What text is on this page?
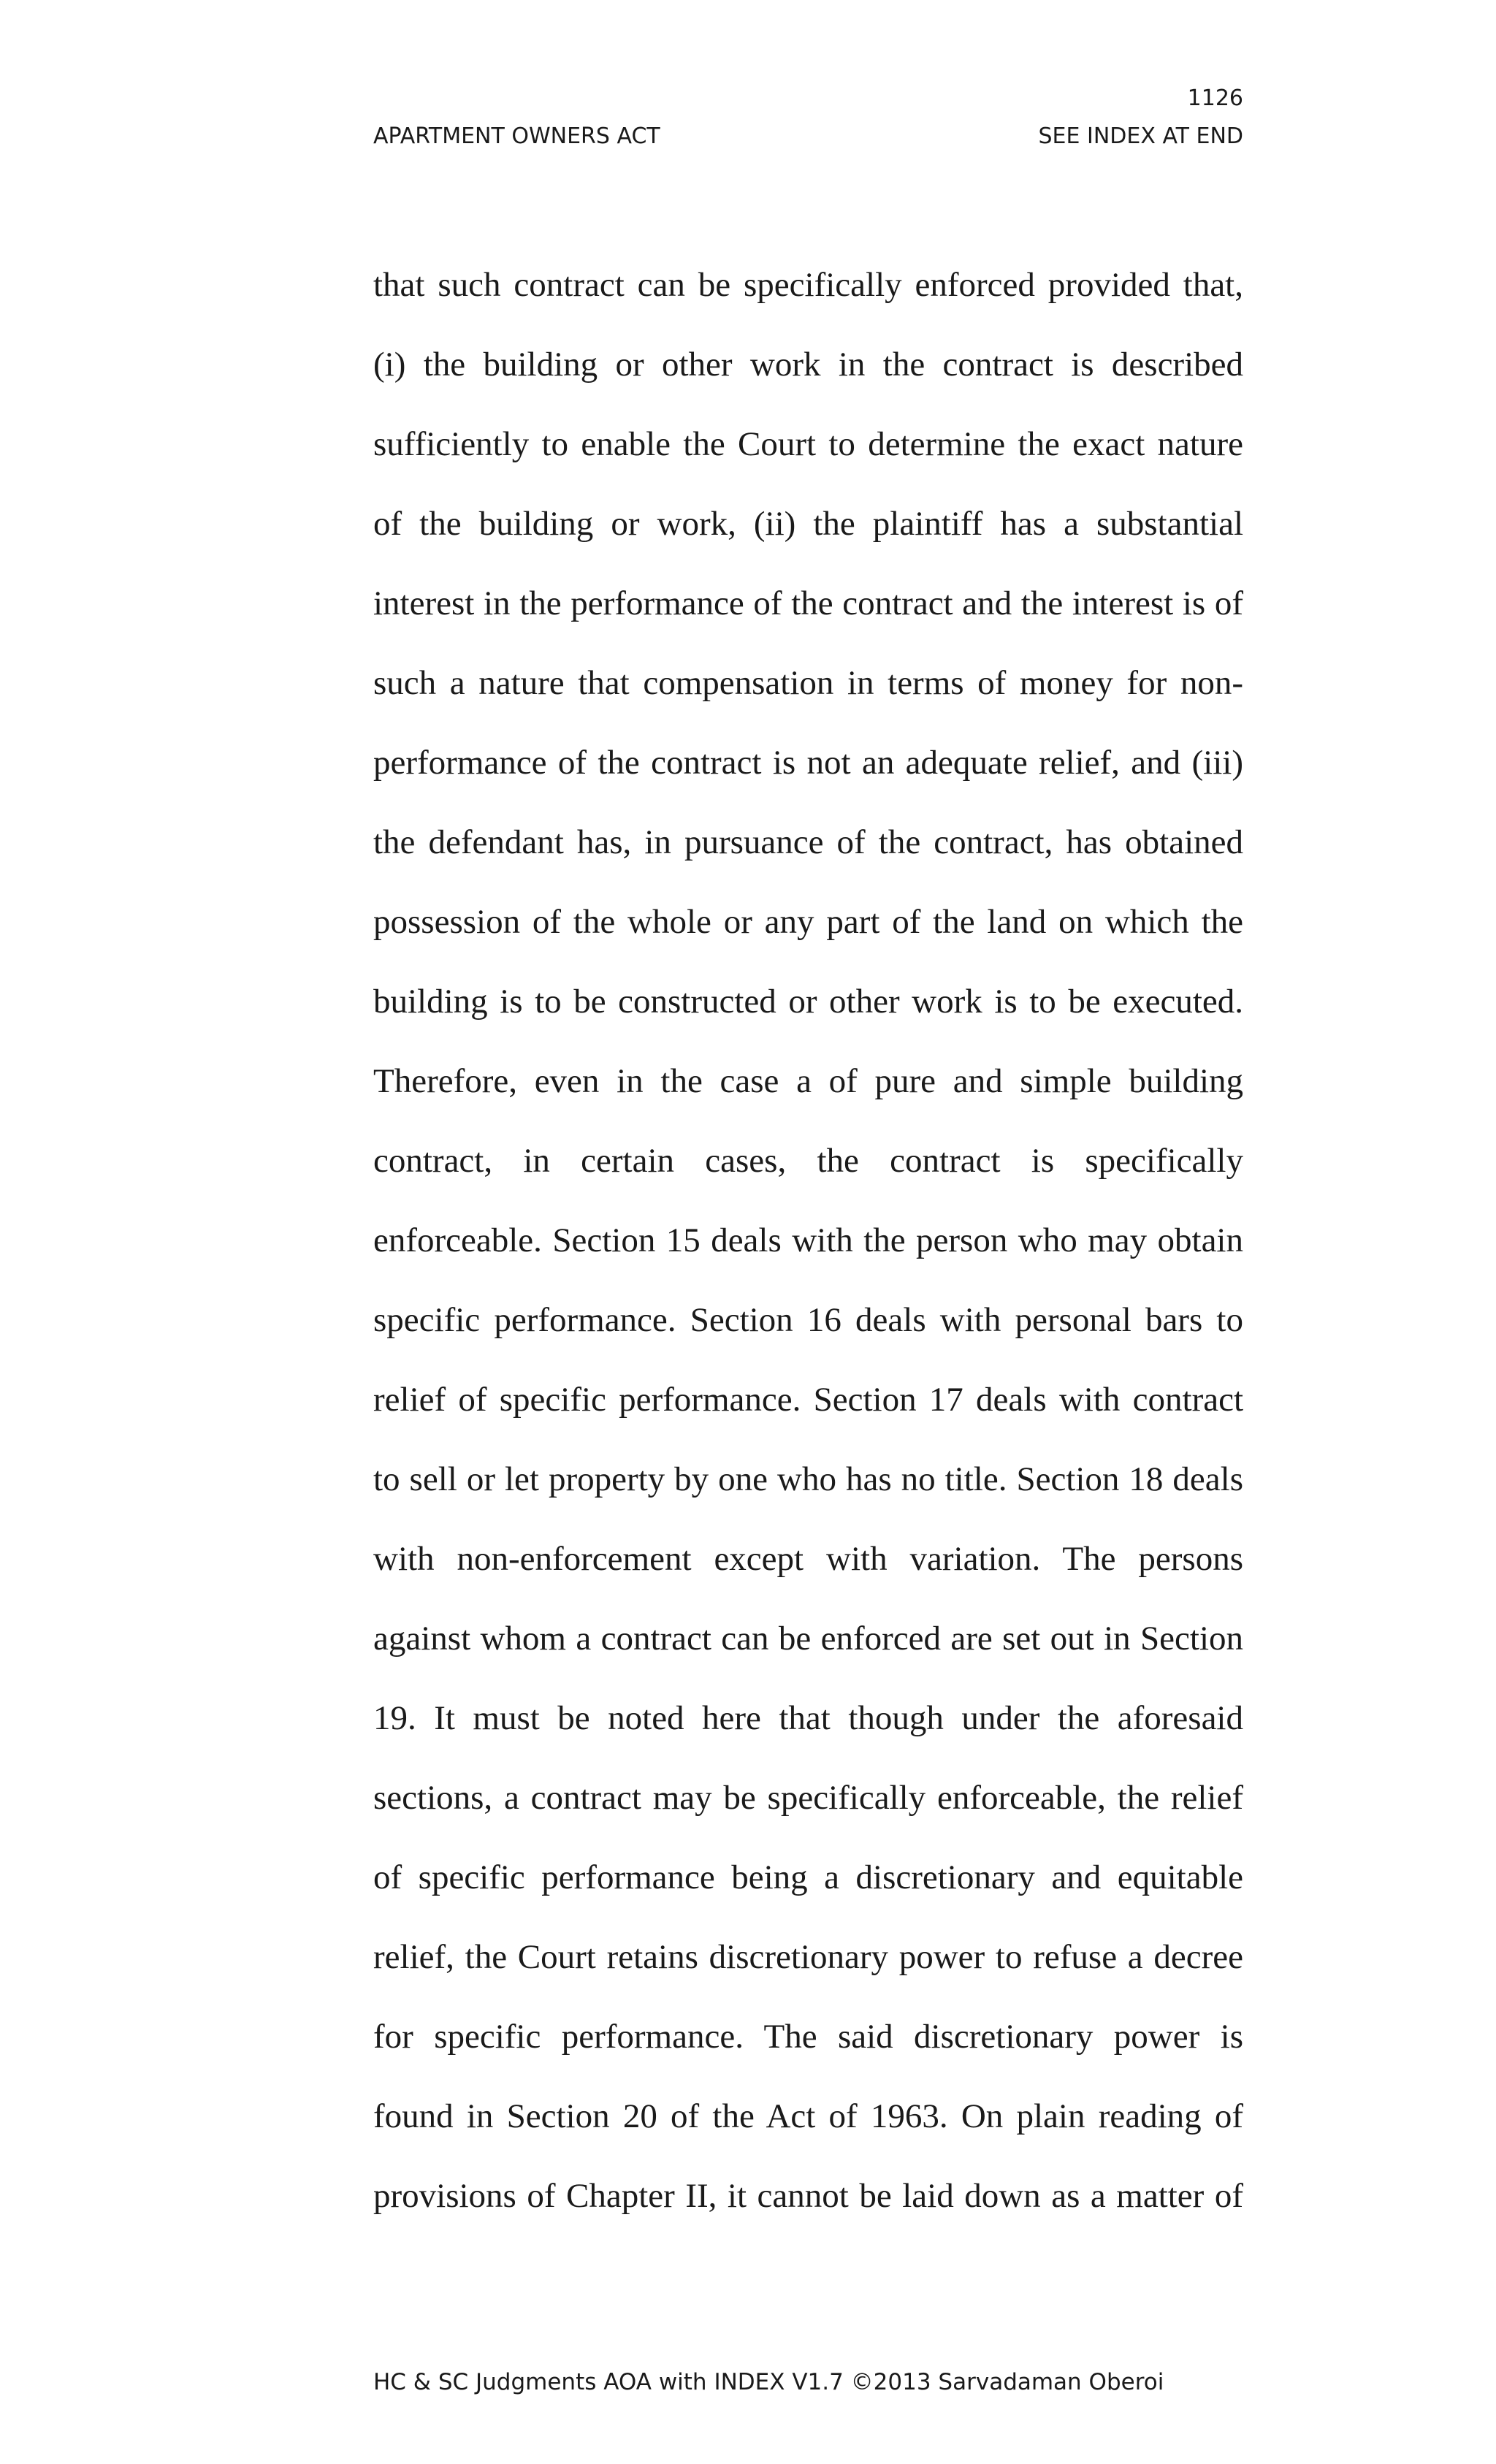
1126
APARTMENT OWNERS ACT	SEE INDEX AT END
that such contract can be specifically enforced provided that,
(i) the building or other work in the contract is described
sufficiently to enable the Court to determine the exact nature
of the building or work, (ii) the plaintiff has a substantial
interest in the performance of the contract and the interest is of
such a nature that compensation in terms of money for non-
performance of the contract is not an adequate relief, and (iii)
the defendant has, in pursuance of the contract, has obtained
possession of the whole or any part of the land on which the
building is to be constructed or other work is to be executed.
Therefore, even in the case a of pure and simple building
contract, in certain cases, the contract is specifically
enforceable. Section 15 deals with the person who may obtain
specific performance. Section 16 deals with personal bars to
relief of specific performance. Section 17 deals with contract
to sell or let property by one who has no title. Section 18 deals
with non-enforcement except with variation. The persons
against whom a contract can be enforced are set out in Section
19. It must be noted here that though under the aforesaid
sections, a contract may be specifically enforceable, the relief
of specific performance being a discretionary and equitable
relief, the Court retains discretionary power to refuse a decree
for specific performance. The said discretionary power is
found in Section 20 of the Act of 1963. On plain reading of
provisions of Chapter II, it cannot be laid down as a matter of
HC & SC Judgments AOA with INDEX V1.7 ©2013 Sarvadaman Oberoi
